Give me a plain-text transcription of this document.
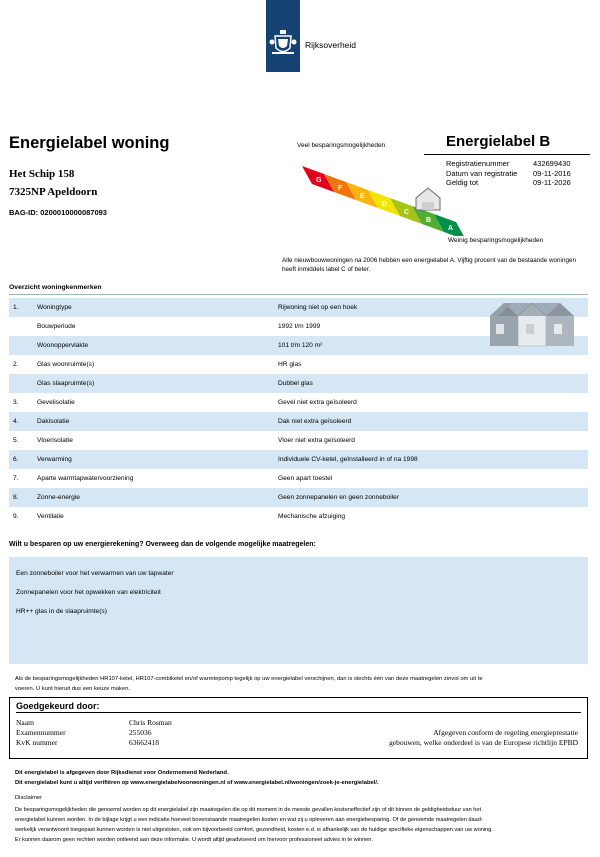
Rijksoverheid
Energielabel woning
Het Schip 158
7325NP Apeldoorn
BAG-ID: 0200010000087093
Veel besparingsmogelijkheden
G
F
E
D
C
B
A
Weinig besparingsmogelijkheden
Energielabel B
Registratienummer	432699430
Datum van registratie	09-11-2016
Geldig tot	09-11-2026
Alle nieuwbouwwoningen na 2006 hebben een energielabel A. Vijftig procent van de bestaande woningen heeft inmiddels label C of beter.
Overzicht woningkenmerken
1.	Woningtype	Rijwoning niet op een hoek
Bouwperiode	1992 t/m 1999
Woonoppervlakte	101 t/m 120 m²
2.	Glas woonruimte(s)	HR glas
Glas slaapruimte(s)	Dubbel glas
3.	Gevelisolatie	Gevel niet extra geïsoleerd
4.	Dakisolatie	Dak niet extra geïsoleerd
5.	Vloerisolatie	Vloer niet extra geïsoleerd
6.	Verwarming	Individuele CV-ketel, geïnstalleerd in of na 1998
7.	Aparte warmtapwatervoorziening	Geen apart toestel
8.	Zonne-energie	Geen zonnepanelen en geen zonneboiler
9.	Ventilatie	Mechanische afzuiging
Wilt u besparen op uw energierekening? Overweeg dan de volgende mogelijke maatregelen:
Een zonneboiler voor het verwarmen van uw tapwater
Zonnepanelen voor het opwekken van elektriciteit
HR++ glas in de slaapruimte(s)
Als de besparingsmogelijkheden HR107-ketel, HR107-combiketel en/of warmtepomp tegelijk op uw energielabel verschijnen, dan is slechts één van deze maatregelen zinvol om uit te
voeren. U kunt hieruit dus een keuze maken.
Goedgekeurd door:
Naam	Chris Rosman
Examennummer	255036
KvK nummer	63662418
Afgegeven conform de regeling energieprestatie
gebouwen, welke onderdeel is van de Europese richtlijn EPBD
Dit energielabel is afgegeven door Rijksdienst voor Ondernemend Nederland.
Dit energielabel kunt u altijd verifiëren op www.energielabelvoorwoningen.nl of www.energielabel.nl/woningen/zoek-je-energielabel/.
Disclaimer
De besparingsmogelijkheden die genoemd worden op dit energielabel zijn maatregelen die op dit moment in de meeste gevallen kosteneffectief zijn of dit binnen de geldigheidsduur van het
energielabel kunnen worden. In de bijlage krijgt u een indicatie hoeveel bovenstaande maatregelen kosten en wat zij u opleveren aan energiebesparing. Of de genoemde maatregelen daad-
werkelijk verantwoord toegepast kunnen worden is niet uitgesloten, ook om bijvoorbeeld comfort, gezondheid, kosten e.d. is afhankelijk van de huidige specifieke eigenschappen van uw woning.
Er kunnen daarom geen rechten worden ontleend aan deze informatie. U wordt altijd geadviseerd om hiervoor professioneel advies in te winnen.
